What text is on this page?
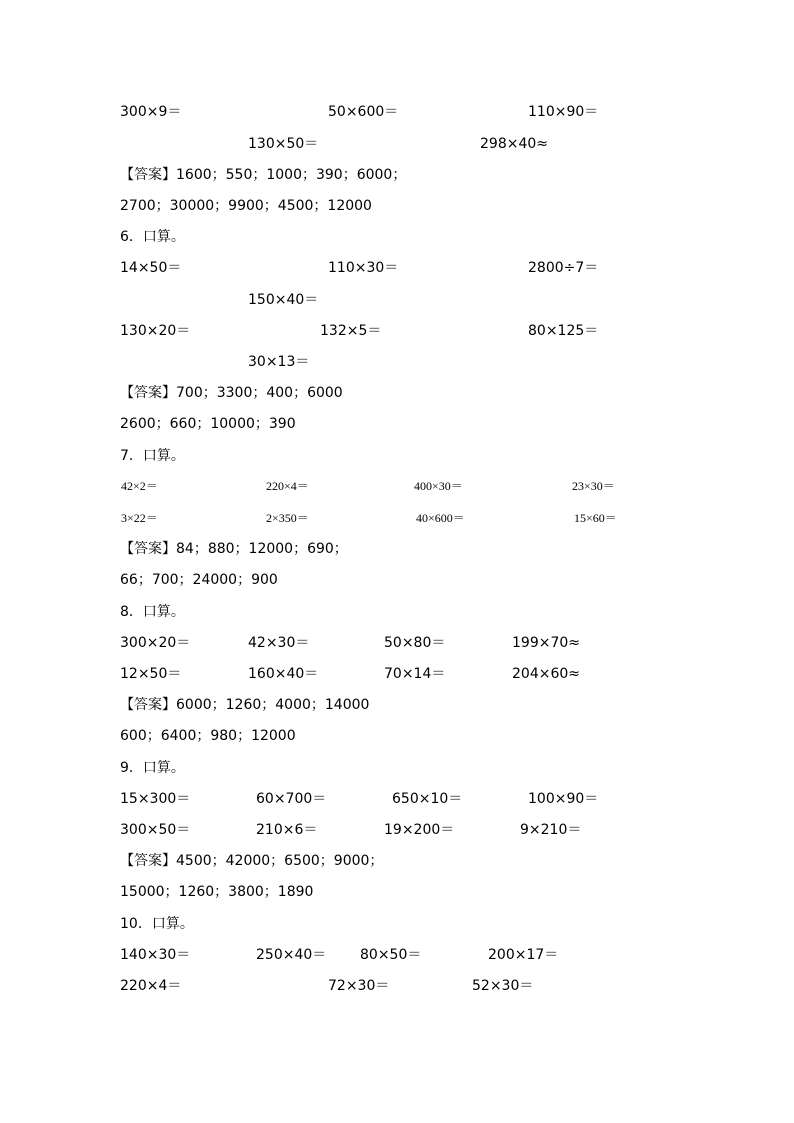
300×9＝	50×600＝	110×90＝
130×50＝	298×40≈
【答案】1600；550；1000；390；6000；
2700；30000；9900；4500；12000
6．口算。
14×50＝	110×30＝	2800÷7＝
150×40＝
130×20＝	132×5＝	80×125＝
30×13＝
【答案】700；3300；400；6000
2600；660；10000；390
7．口算。
42×2＝	220×4＝	400×30＝	23×30＝
3×22＝	2×350＝	40×600＝	15×60＝
【答案】84；880；12000；690；
66；700；24000；900
8．口算。
300×20＝	42×30＝	50×80＝	199×70≈
12×50＝	160×40＝	70×14＝	204×60≈
【答案】6000；1260；4000；14000
600；6400；980；12000
9．口算。
15×300＝	60×700＝	650×10＝	100×90＝
300×50＝	210×6＝	19×200＝	9×210＝
【答案】4500；42000；6500；9000；
15000；1260；3800；1890
10．口算。
140×30＝	250×40＝ 80×50＝	200×17＝
220×4＝	72×30＝	52×30＝
